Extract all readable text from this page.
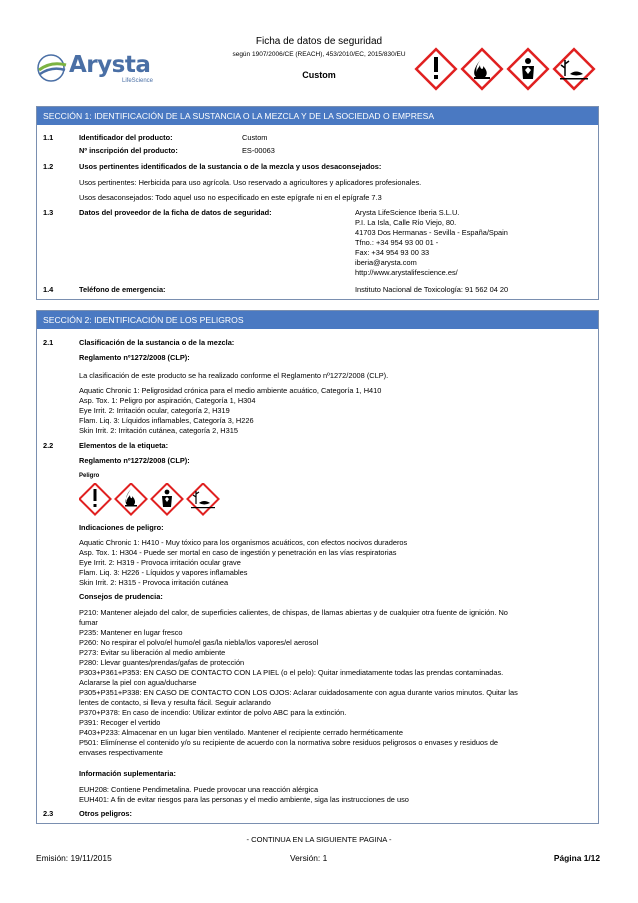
Arysta
LifeScience
Ficha de datos de seguridad
según 1907/2006/CE (REACH), 453/2010/EC, 2015/830/EU
Custom
SECCIÓN 1: IDENTIFICACIÓN DE LA SUSTANCIA O LA MEZCLA Y DE LA SOCIEDAD O EMPRESA
1.1	Identificador del producto:	Custom
Nº inscripción del producto:	ES-00063
1.2	Usos pertinentes identificados de la sustancia o de la mezcla y usos desaconsejados:
Usos pertinentes: Herbicida para uso agrícola. Uso reservado a agricultores y aplicadores profesionales.
Usos desaconsejados: Todo aquel uso no especificado en este epígrafe ni en el epígrafe 7.3
1.3	Datos del proveedor de la ficha de datos de seguridad:	Arysta LifeScience Iberia S.L.U.
P.I. La Isla, Calle Río Viejo, 80.
41703 Dos Hermanas - Sevilla - España/Spain
Tfno.: +34 954 93 00 01 -
Fax: +34 954 93 00 33
iberia@arysta.com
http://www.arystalifescience.es/
1.4	Teléfono de emergencia:	Instituto Nacional de Toxicología: 91 562 04 20
SECCIÓN 2: IDENTIFICACIÓN DE LOS PELIGROS
2.1	Clasificación de la sustancia o de la mezcla:
Reglamento nº1272/2008 (CLP):
La clasificación de este producto se ha realizado conforme el Reglamento nº1272/2008 (CLP).
Aquatic Chronic 1: Peligrosidad crónica para el medio ambiente acuático, Categoría 1, H410
Asp. Tox. 1: Peligro por aspiración, Categoría 1, H304
Eye Irrit. 2: Irritación ocular, categoría 2, H319
Flam. Liq. 3: Líquidos inflamables, Categoría 3, H226
Skin Irrit. 2: Irritación cutánea, categoría 2, H315
2.2	Elementos de la etiqueta:
Reglamento nº1272/2008 (CLP):
Peligro
Indicaciones de peligro:
Aquatic Chronic 1: H410 - Muy tóxico para los organismos acuáticos, con efectos nocivos duraderos
Asp. Tox. 1: H304 - Puede ser mortal en caso de ingestión y penetración en las vías respiratorias
Eye Irrit. 2: H319 - Provoca irritación ocular grave
Flam. Liq. 3: H226 - Líquidos y vapores inflamables
Skin Irrit. 2: H315 - Provoca irritación cutánea
Consejos de prudencia:
P210: Mantener alejado del calor, de superficies calientes, de chispas, de llamas abiertas y de cualquier otra fuente de ignición. No
fumar
P235: Mantener en lugar fresco
P260: No respirar el polvo/el humo/el gas/la niebla/los vapores/el aerosol
P273: Evitar su liberación al medio ambiente
P280: Llevar guantes/prendas/gafas de protección
P303+P361+P353: EN CASO DE CONTACTO CON LA PIEL (o el pelo): Quitar inmediatamente todas las prendas contaminadas.
Aclararse la piel con agua/ducharse
P305+P351+P338: EN CASO DE CONTACTO CON LOS OJOS: Aclarar cuidadosamente con agua durante varios minutos. Quitar las
lentes de contacto, si lleva y resulta fácil. Seguir aclarando
P370+P378: En caso de incendio: Utilizar extintor de polvo ABC para la extinción.
P391: Recoger el vertido
P403+P233: Almacenar en un lugar bien ventilado. Mantener el recipiente cerrado herméticamente
P501: Elimínense el contenido y/o su recipiente de acuerdo con la normativa sobre residuos peligrosos o envases y residuos de
envases respectivamente
Información suplementaria:
EUH208: Contiene Pendimetalina. Puede provocar una reacción alérgica
EUH401: A fin de evitar riesgos para las personas y el medio ambiente, siga las instrucciones de uso
2.3	Otros peligros:
- CONTINUA EN LA SIGUIENTE PAGINA -
Emisión: 19/11/2015	Versión: 1	Página 1/12
